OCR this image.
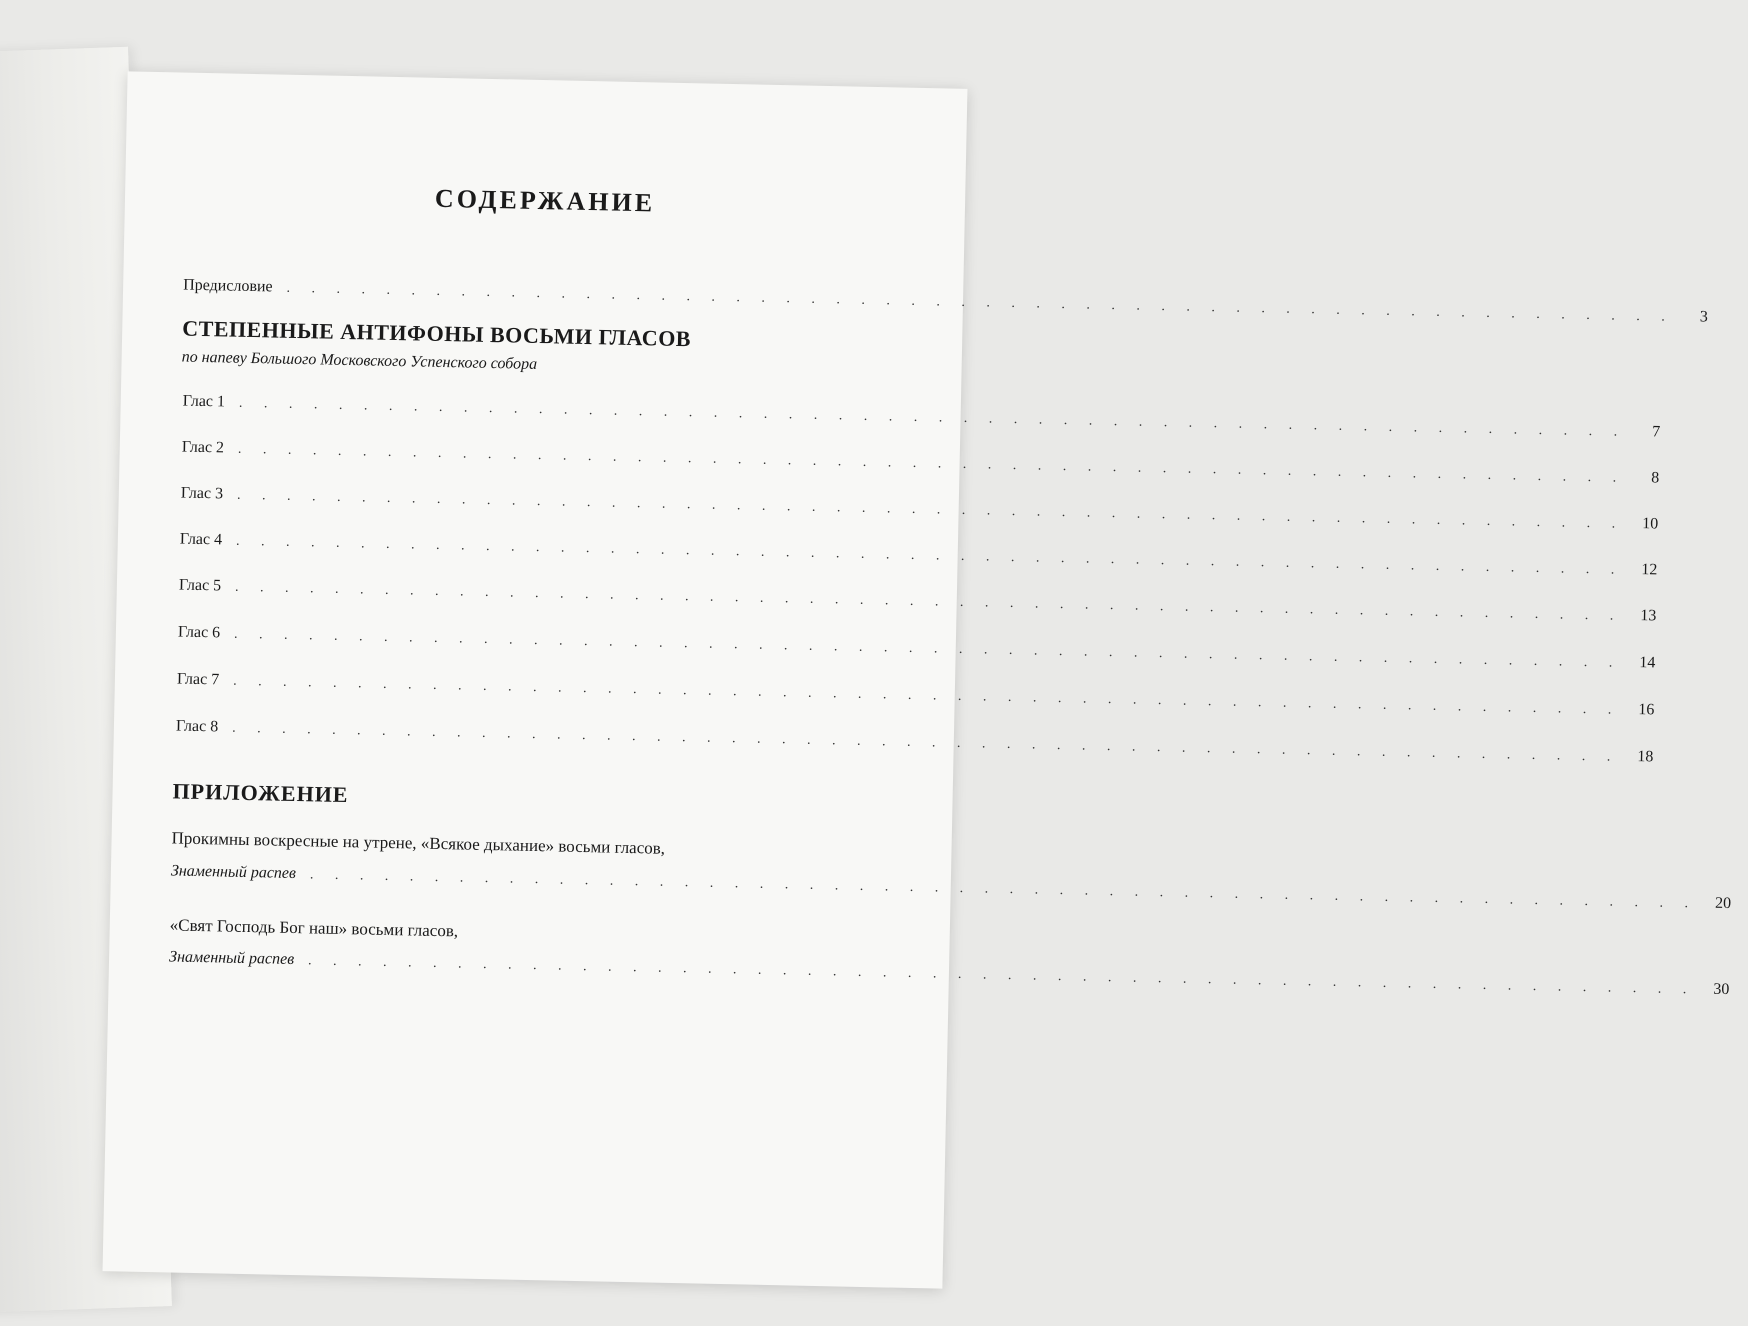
СОДЕРЖАНИЕ
Предисловие . . . . . . . . . . . . . . . . . . . . . . . . . . . . . . . . . . . . . . . . . . . . . . . . . . . . . . . .	3
СТЕПЕННЫЕ АНТИФОНЫ ВОСЬМИ ГЛАСОВ
по напеву Большого Московского Успенского собора
Глас 1 . . . . . . . . . . . . . . . . . . . . . . . . . . . . . . . . . . . . . . . . . . . . . . . . . . . . . . . .	7
Глас 2 . . . . . . . . . . . . . . . . . . . . . . . . . . . . . . . . . . . . . . . . . . . . . . . . . . . . . . . .	8
Глас 3 . . . . . . . . . . . . . . . . . . . . . . . . . . . . . . . . . . . . . . . . . . . . . . . . . . . . . . . . 10
Глас 4 . . . . . . . . . . . . . . . . . . . . . . . . . . . . . . . . . . . . . . . . . . . . . . . . . . . . . . . . 12
Глас 5 . . . . . . . . . . . . . . . . . . . . . . . . . . . . . . . . . . . . . . . . . . . . . . . . . . . . . . . . 13
Глас 6 . . . . . . . . . . . . . . . . . . . . . . . . . . . . . . . . . . . . . . . . . . . . . . . . . . . . . . . . 14
Глас 7 . . . . . . . . . . . . . . . . . . . . . . . . . . . . . . . . . . . . . . . . . . . . . . . . . . . . . . . . 16
Глас 8 . . . . . . . . . . . . . . . . . . . . . . . . . . . . . . . . . . . . . . . . . . . . . . . . . . . . . . . . 18
ПРИЛОЖЕНИЕ
Прокимны воскресные на утрене, «Всякое дыхание» восьми гласов,
Знаменный распев . . . . . . . . . . . . . . . . . . . . . . . . . . . . . . . . . . . . . . . . . . . . . . . . . . . . . . . . 20
«Свят Господь Бог наш» восьми гласов,
Знаменный распев . . . . . . . . . . . . . . . . . . . . . . . . . . . . . . . . . . . . . . . . . . . . . . . . . . . . . . . . 30
